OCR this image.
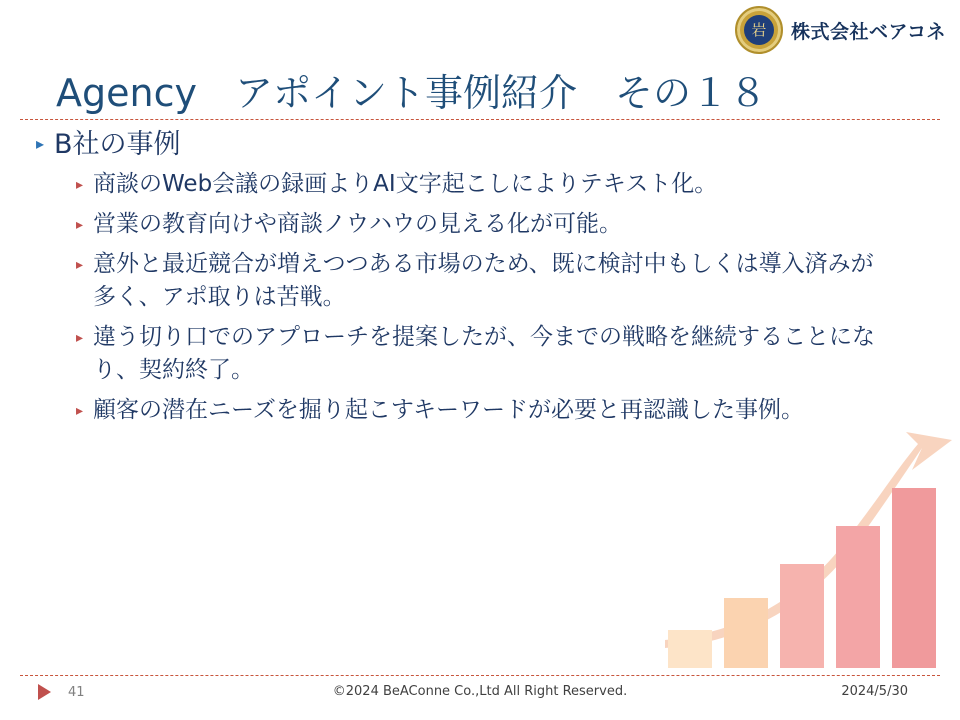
岩	株式会社ベアコネ
Agency　アポイント事例紹介　その１８
▸ B社の事例
▸ 商談のWeb会議の録画よりAI文字起こしによりテキスト化。
▸ 営業の教育向けや商談ノウハウの見える化が可能。
▸ 意外と最近競合が増えつつある市場のため、既に検討中もしくは導入済みが多く、アポ取りは苦戦。
▸ 違う切り口でのアプローチを提案したが、今までの戦略を継続することになり、契約終了。
▸ 顧客の潜在ニーズを掘り起こすキーワードが必要と再認識した事例。
41	©2024 BeAConne Co.,Ltd All Right Reserved.	2024/5/30
